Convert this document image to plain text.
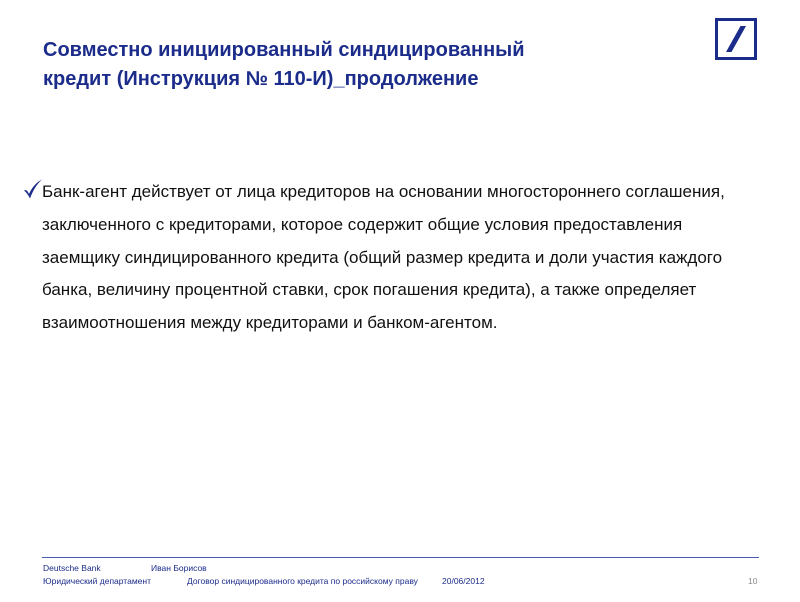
Совместно инициированный синдицированный
кредит (Инструкция № 110-И)_продолжение

Банк-агент действует от лица кредиторов на основании многостороннего соглашения, заключенного с кредиторами, которое содержит общие условия предоставления заемщику синдицированного кредита (общий размер кредита и доли участия каждого банка, величину процентной ставки, срок погашения кредита), а также определяет взаимоотношения между кредиторами и банком-агентом.

Deutsche Bank	Иван Борисов
Юридический департамент	Договор синдицированного кредита по российскому праву	20/06/2012	10
